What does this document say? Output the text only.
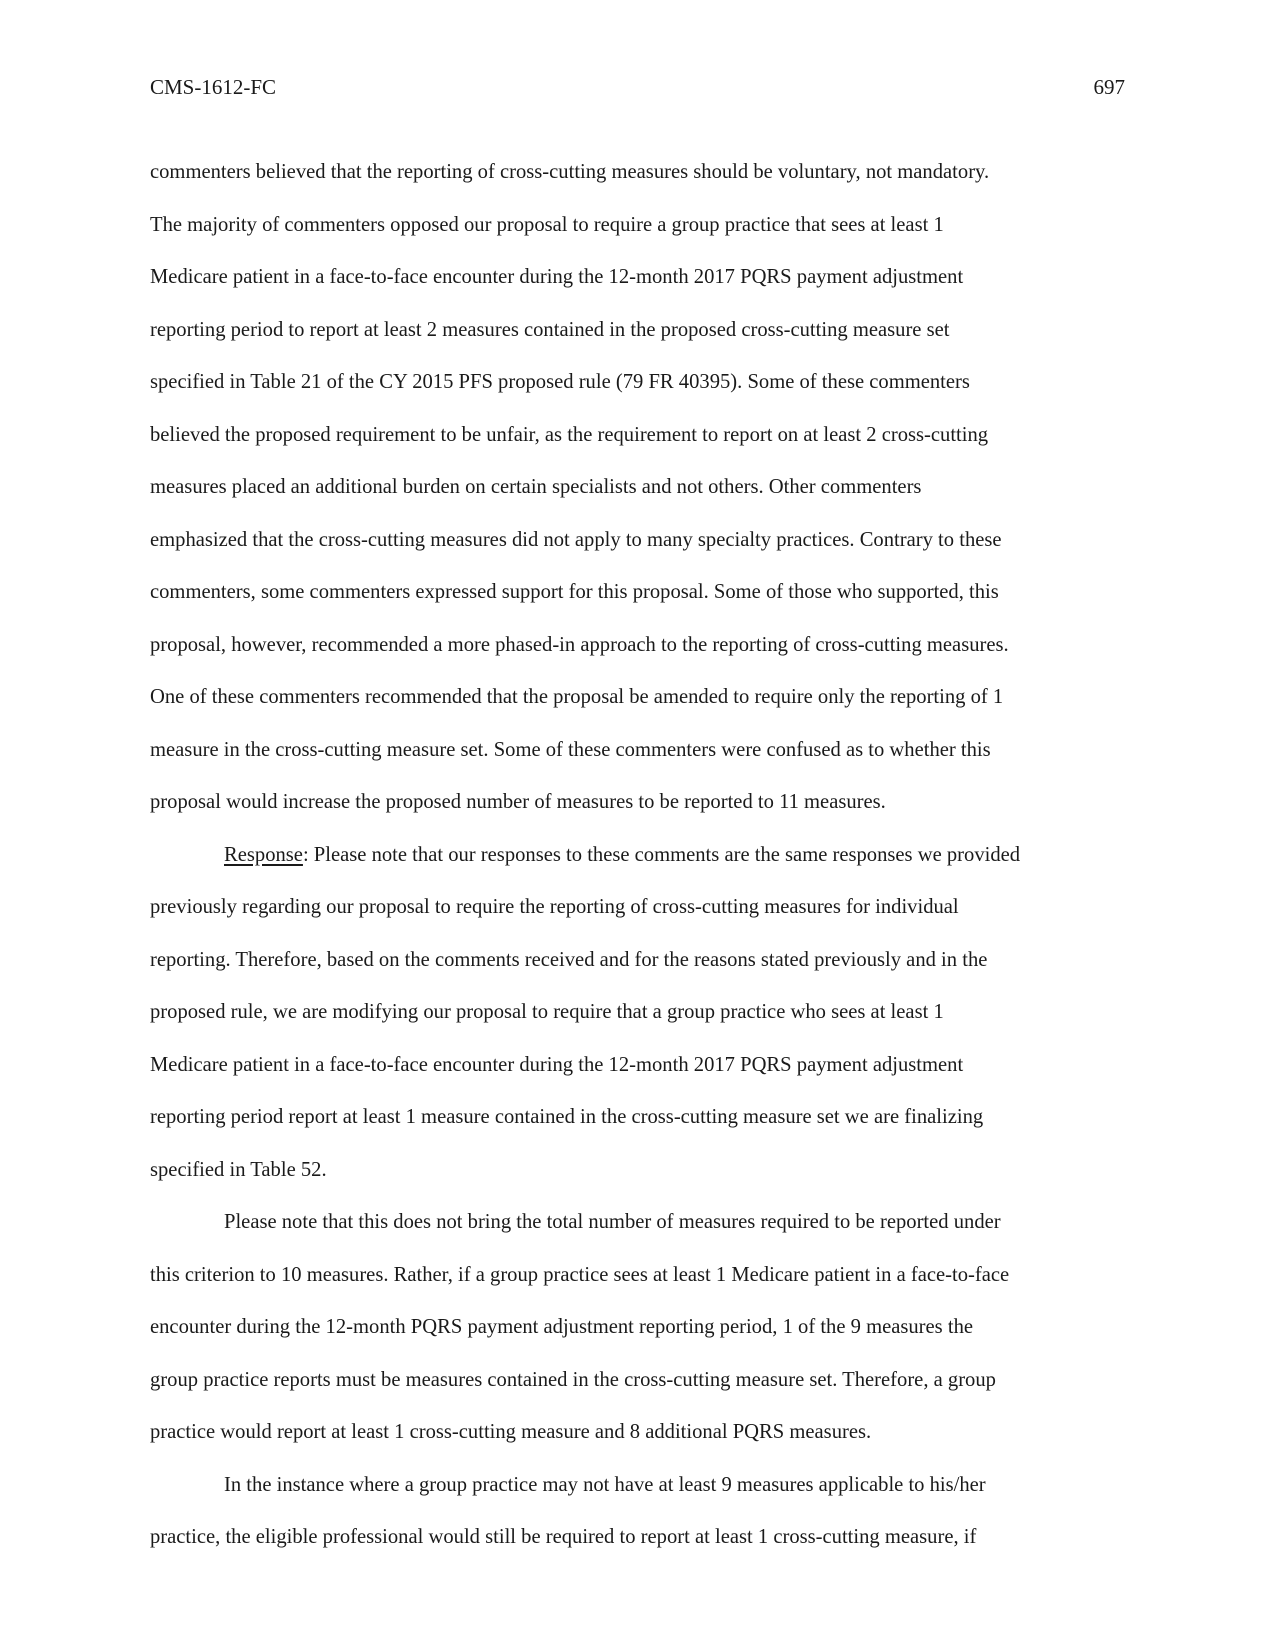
CMS-1612-FC	697
commenters believed that the reporting of cross-cutting measures should be voluntary, not mandatory.
The majority of commenters opposed our proposal to require a group practice that sees at least 1
Medicare patient in a face-to-face encounter during the 12-month 2017 PQRS payment adjustment
reporting period to report at least 2 measures contained in the proposed cross-cutting measure set
specified in Table 21 of the CY 2015 PFS proposed rule (79 FR 40395). Some of these commenters
believed the proposed requirement to be unfair, as the requirement to report on at least 2 cross-cutting
measures placed an additional burden on certain specialists and not others. Other commenters
emphasized that the cross-cutting measures did not apply to many specialty practices. Contrary to these
commenters, some commenters expressed support for this proposal. Some of those who supported, this
proposal, however, recommended a more phased-in approach to the reporting of cross-cutting measures.
One of these commenters recommended that the proposal be amended to require only the reporting of 1
measure in the cross-cutting measure set. Some of these commenters were confused as to whether this
proposal would increase the proposed number of measures to be reported to 11 measures.
Response: Please note that our responses to these comments are the same responses we provided
previously regarding our proposal to require the reporting of cross-cutting measures for individual
reporting. Therefore, based on the comments received and for the reasons stated previously and in the
proposed rule, we are modifying our proposal to require that a group practice who sees at least 1
Medicare patient in a face-to-face encounter during the 12-month 2017 PQRS payment adjustment
reporting period report at least 1 measure contained in the cross-cutting measure set we are finalizing
specified in Table 52.
Please note that this does not bring the total number of measures required to be reported under
this criterion to 10 measures. Rather, if a group practice sees at least 1 Medicare patient in a face-to-face
encounter during the 12-month PQRS payment adjustment reporting period, 1 of the 9 measures the
group practice reports must be measures contained in the cross-cutting measure set. Therefore, a group
practice would report at least 1 cross-cutting measure and 8 additional PQRS measures.
In the instance where a group practice may not have at least 9 measures applicable to his/her
practice, the eligible professional would still be required to report at least 1 cross-cutting measure, if
